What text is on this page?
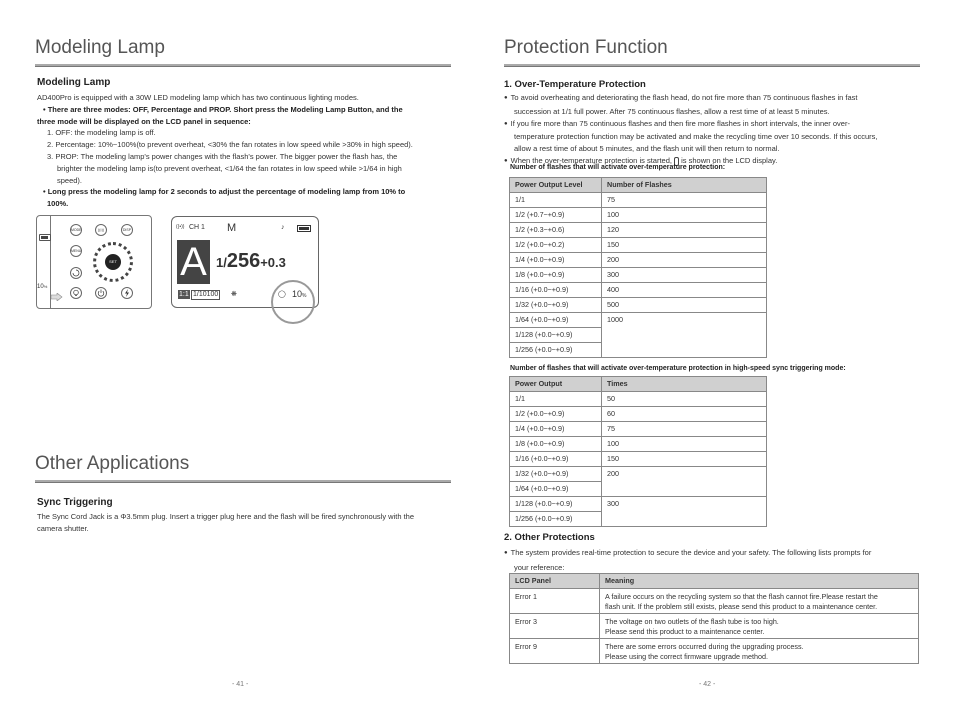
Modeling Lamp
Modeling Lamp
AD400Pro is equipped with a 30W LED modeling lamp which has two continuous lighting modes.
• There are three modes: OFF, Percentage and PROP. Short press the Modeling Lamp Button, and the
three mode will be displayed on the LCD panel in sequence:
1. OFF: the modeling lamp is off.
2. Percentage: 10%~100%(to prevent overheat, <30% the fan rotates in low speed while >30% in high speed).
3. PROP: The modeling lamp's power changes with the flash's power. The bigger power the flash has, the
brighter the modeling lamp is(to prevent overheat, <1/64 the fan rotates in low speed while >1/64 in high
speed).
• Long press the modeling lamp for 2 seconds to adjust the percentage of modeling lamp from 10% to
100%.
10%
MODE	((•))	DISP
MENU
SET
((•)) CH 1 M	♪
A 1/256+0.3
1:1 1/10100 ❋	◯ 10%
Other Applications
Sync Triggering
The Sync Cord Jack is a Φ3.5mm plug. Insert a trigger plug here and the flash will be fired synchronously with the
camera shutter.
- 41 -
Protection Function
1. Over-Temperature Protection
● To avoid overheating and deteriorating the flash head, do not fire more than 75 continuous flashes in fast
succession at 1/1 full power. After 75 continuous flashes, allow a rest time of at least 5 minutes.
● If you fire more than 75 continuous flashes and then fire more flashes in short intervals, the inner over-
temperature protection function may be activated and make the recycling time over 10 seconds. If this occurs,
allow a rest time of about 5 minutes, and the flash unit will then return to normal.
● When the over-temperature protection is started, is shown on the LCD display.
Number of flashes that will activate over-temperature protection:
Power Output Level	Number of Flashes
1/1	75
1/2 (+0.7~+0.9)	100
1/2 (+0.3~+0.6)	120
1/2 (+0.0~+0.2)	150
1/4 (+0.0~+0.9)	200
1/8 (+0.0~+0.9)	300
1/16 (+0.0~+0.9)	400
1/32 (+0.0~+0.9)	500
1/64 (+0.0~+0.9)	1000
1/128 (+0.0~+0.9)	
1/256 (+0.0~+0.9)	
Number of flashes that will activate over-temperature protection in high-speed sync triggering mode:
Power Output	Times
1/1	50
1/2 (+0.0~+0.9)	60
1/4 (+0.0~+0.9)	75
1/8 (+0.0~+0.9)	100
1/16 (+0.0~+0.9)	150
1/32 (+0.0~+0.9)	200
1/64 (+0.0~+0.9)	
1/128 (+0.0~+0.9)	300
1/256 (+0.0~+0.9)	
2. Other Protections
● The system provides real-time protection to secure the device and your safety. The following lists prompts for
your reference:
LCD Panel	Meaning
Error 1	A failure occurs on the recycling system so that the flash cannot fire.Please restart the
flash unit. If the problem still exists, please send this product to a maintenance center.

Error 3	The voltage on two outlets of the flash tube is too high.
Please send this product to a maintenance center.

Error 9	There are some errors occurred during the upgrading process.
Please using the correct firmware upgrade method.
- 42 -
